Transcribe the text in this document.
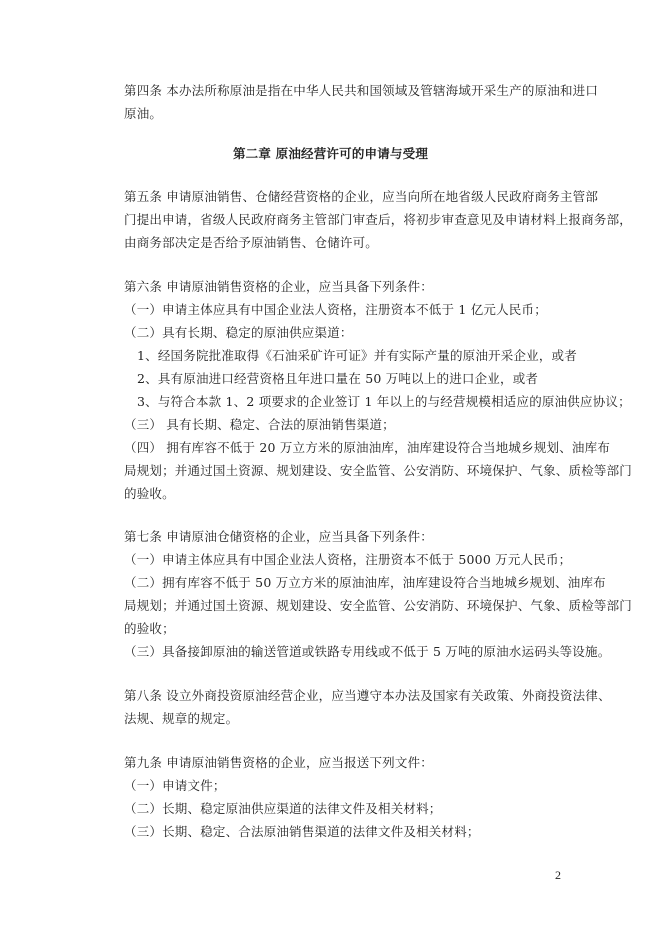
第四条 本办法所称原油是指在中华人民共和国领域及管辖海域开采生产的原油和进口
原油。
第二章 原油经营许可的申请与受理
第五条 申请原油销售、仓储经营资格的企业，应当向所在地省级人民政府商务主管部
门提出申请，省级人民政府商务主管部门审查后，将初步审查意见及申请材料上报商务部，
由商务部决定是否给予原油销售、仓储许可。
第六条 申请原油销售资格的企业，应当具备下列条件：
（一）申请主体应具有中国企业法人资格，注册资本不低于 1 亿元人民币；
（二）具有长期、稳定的原油供应渠道：
1、经国务院批准取得《石油采矿许可证》并有实际产量的原油开采企业，或者
2、具有原油进口经营资格且年进口量在 50 万吨以上的进口企业，或者
3、与符合本款 1、2 项要求的企业签订 1 年以上的与经营规模相适应的原油供应协议；
（三） 具有长期、稳定、合法的原油销售渠道；
（四） 拥有库容不低于 20 万立方米的原油油库，油库建设符合当地城乡规划、油库布
局规划；并通过国土资源、规划建设、安全监管、公安消防、环境保护、气象、质检等部门
的验收。
第七条 申请原油仓储资格的企业，应当具备下列条件：
（一）申请主体应具有中国企业法人资格，注册资本不低于 5000 万元人民币；
（二）拥有库容不低于 50 万立方米的原油油库，油库建设符合当地城乡规划、油库布
局规划；并通过国土资源、规划建设、安全监管、公安消防、环境保护、气象、质检等部门
的验收；
（三）具备接卸原油的输送管道或铁路专用线或不低于 5 万吨的原油水运码头等设施。
第八条 设立外商投资原油经营企业，应当遵守本办法及国家有关政策、外商投资法律、
法规、规章的规定。
第九条 申请原油销售资格的企业，应当报送下列文件：
（一）申请文件；
（二）长期、稳定原油供应渠道的法律文件及相关材料；
（三）长期、稳定、合法原油销售渠道的法律文件及相关材料；
2
